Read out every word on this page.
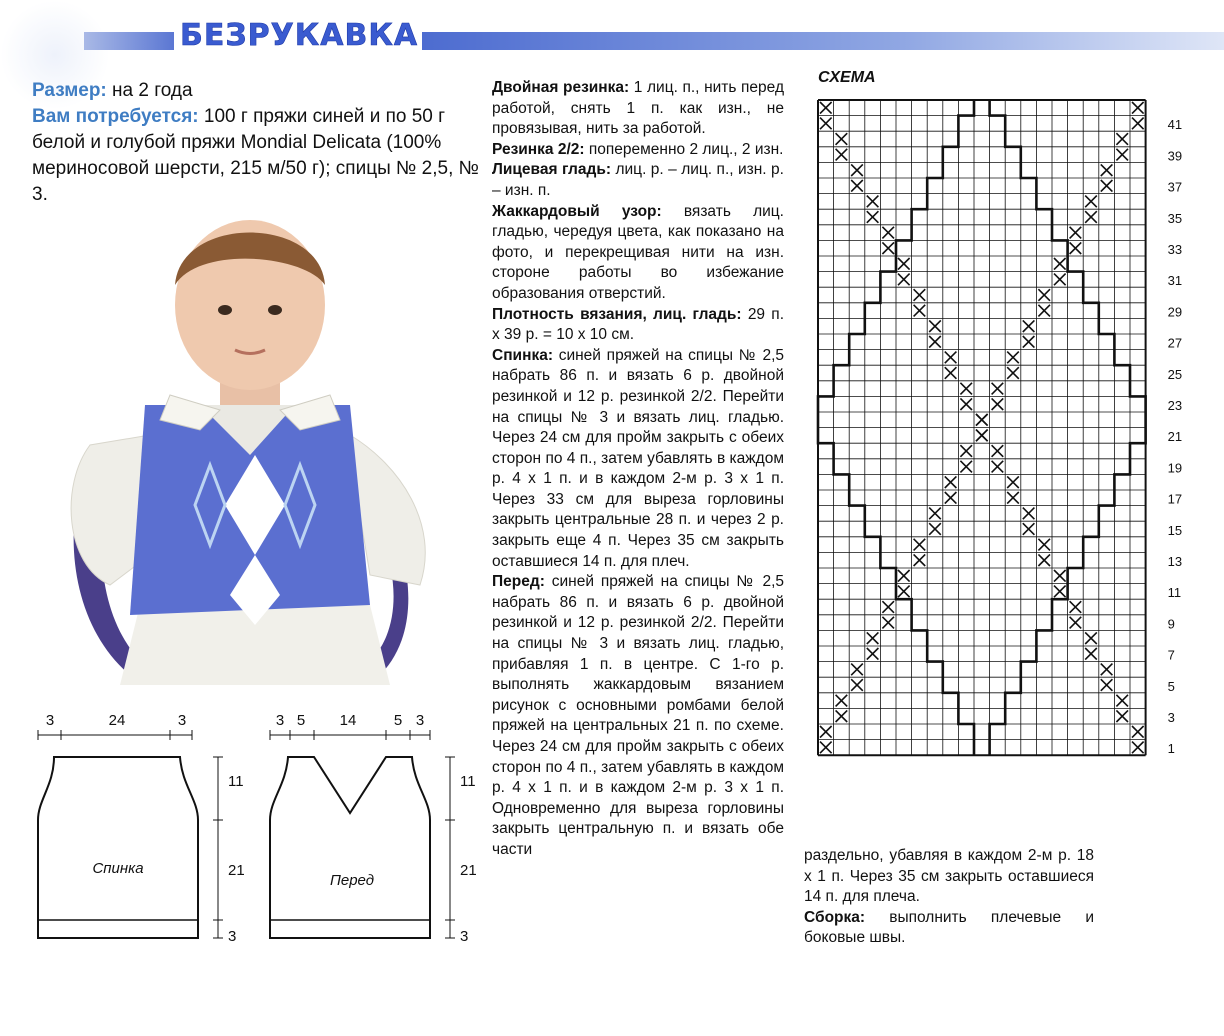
БЕЗРУКАВКА
Размер: на 2 года
Вам потребуется: 100 г пряжи синей и по 50 г белой и голубой пряжи Mondial Delicata (100% мериносовой шерсти, 215 м/50 г); спицы № 2,5, № 3.
3	24	3
Спинка
11
21
3
3 5 14 5 3
Перед
11
21
3

Двойная резинка: 1 лиц. п., нить перед работой, снять 1 п. как изн., не провязывая, нить за работой.

Резинка 2/2: попеременно 2 лиц., 2 изн.

Лицевая гладь: лиц. р. – лиц. п., изн. р. – изн. п.

Жаккардовый узор: вязать лиц. гладью, чередуя цвета, как показано на фото, и перекрещивая нити на изн. стороне работы во избежание образования отверстий.

Плотность вязания, лиц. гладь: 29 п. х 39 р. = 10 х 10 см.

Спинка: синей пряжей на спицы № 2,5 набрать 86 п. и вязать 6 р. двойной резинкой и 12 р. резинкой 2/2. Перейти на спицы № 3 и вязать лиц. гладью. Через 24 см для пройм закрыть с обеих сторон по 4 п., затем убавлять в каждом р. 4 х 1 п. и в каждом 2-м р. 3 х 1 п. Через 33 см для выреза горловины закрыть центральные 28 п. и через 2 р. закрыть еще 4 п. Через 35 см закрыть оставшиеся 14 п. для плеч.

Перед: синей пряжей на спицы № 2,5 набрать 86 п. и вязать 6 р. двойной резинкой и 12 р. резинкой 2/2. Перейти на спицы № 3 и вязать лиц. гладью, прибавляя 1 п. в центре. С 1-го р. выполнять жаккардовым вязанием рисунок с основными ромбами белой пряжей на центральных 21 п. по схеме. Через 24 см для пройм закрыть с обеих сторон по 4 п., затем убавлять в каждом р. 4 х 1 п. и в каждом 2-м р. 3 х 1 п. Одновременно для выреза горловины закрыть центральную п. и вязать обе части	раздельно, убавляя в каждом 2-м р. 18 х 1 п. Через 35 см закрыть оставшиеся 14 п. для плеча.

Сборка: выполнить плечевые и боковые швы.

СХЕМА
41
39
37
35
33
31
29
27
25
23
21
19
17
15
13
11
9
7
5
3
1
